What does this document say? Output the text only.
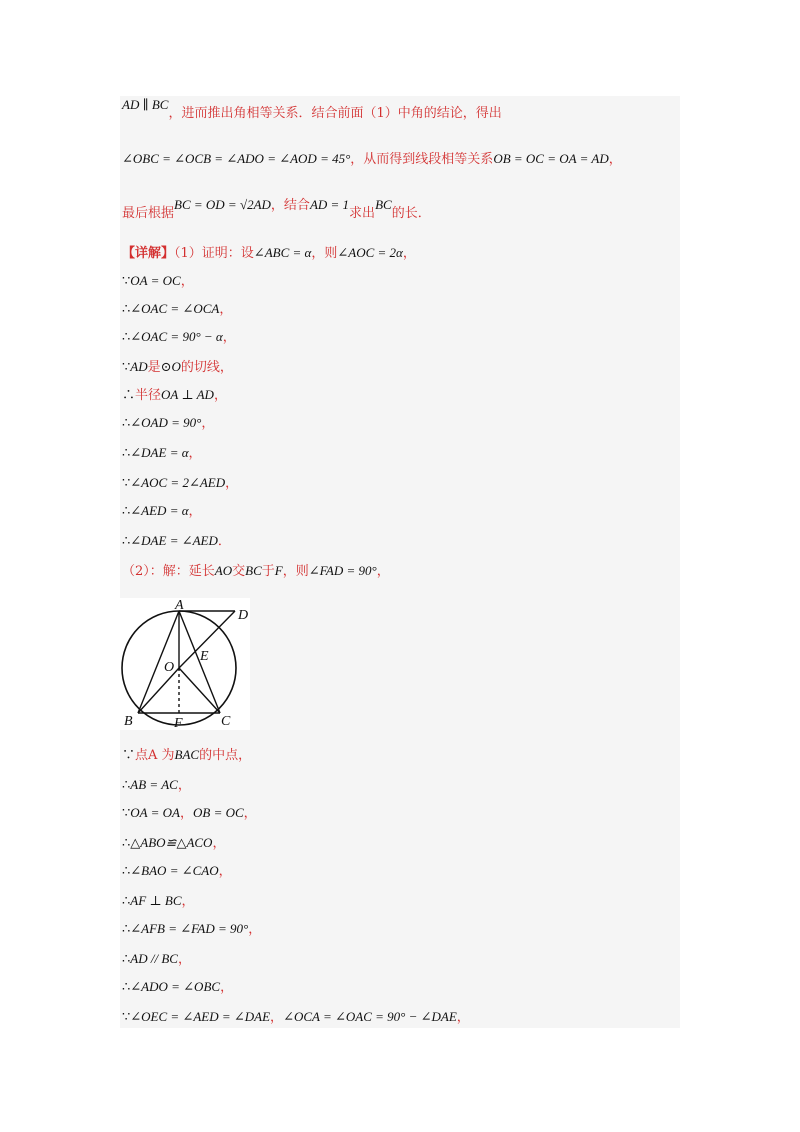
AD ∥ BC，进而推出角相等关系．结合前面（1）中角的结论，得出
∠OBC = ∠OCB = ∠ADO = ∠AOD = 45°，从而得到线段相等关系OB = OC = OA = AD，
最后根据BC = OD = √2AD，结合AD = 1求出BC的长．
【详解】（1）证明：设∠ABC = α，则∠AOC = 2α，
∵OA = OC，
∴∠OAC = ∠OCA，
∴∠OAC = 90° − α，
∵AD是⊙O的切线，
∴半径OA ⊥ AD，
∴∠OAD = 90°，
∴∠DAE = α，
∵∠AOC = 2∠AED，
∴∠AED = α，
∴∠DAE = ∠AED．
（2）：解：延长AO交BC于F，则∠FAD = 90°，
A
D
E
O
B	F	C
∵点A 为BAC的中点，
∴AB = AC，
∵OA = OA，OB = OC，
∴△ABO≌△ACO，
∴∠BAO = ∠CAO，
∴AF ⊥ BC，
∴∠AFB = ∠FAD = 90°，
∴AD // BC，
∴∠ADO = ∠OBC，
∵∠OEC = ∠AED = ∠DAE，∠OCA = ∠OAC = 90° − ∠DAE，
